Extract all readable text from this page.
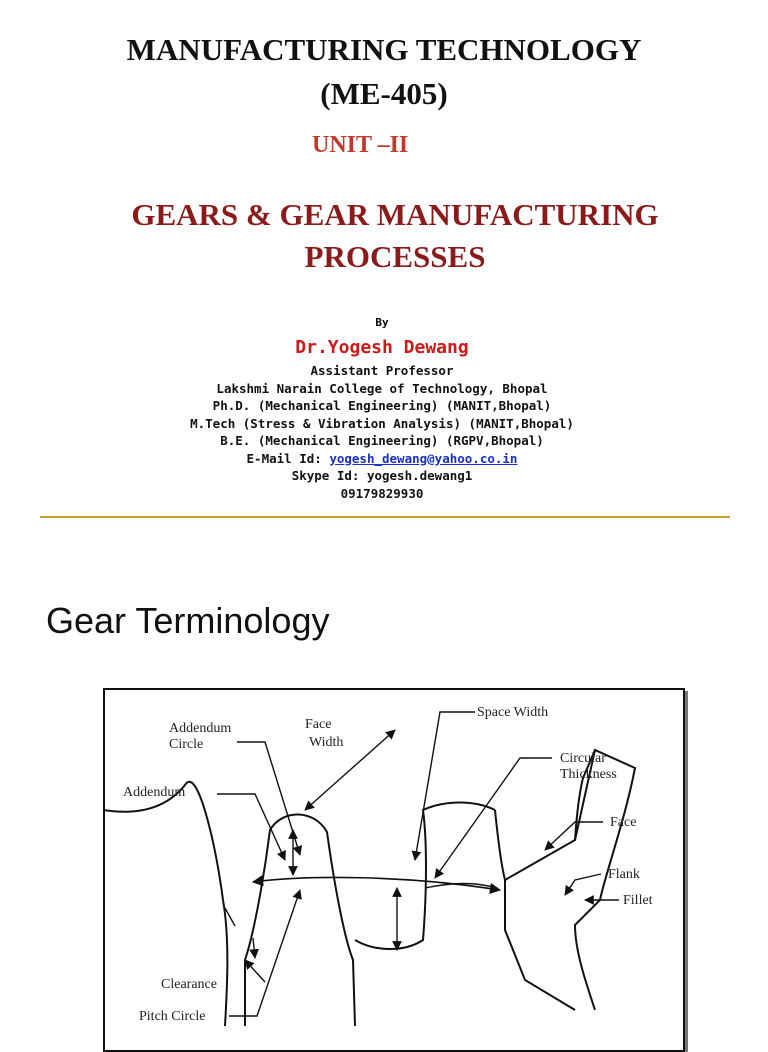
MANUFACTURING TECHNOLOGY
(ME-405)
UNIT –II
GEARS & GEAR MANUFACTURING
PROCESSES
By
Dr.Yogesh Dewang
Assistant Professor
Lakshmi Narain College of Technology, Bhopal
Ph.D. (Mechanical Engineering) (MANIT,Bhopal)
M.Tech (Stress & Vibration Analysis) (MANIT,Bhopal)
B.E. (Mechanical Engineering) (RGPV,Bhopal)
E-Mail Id: yogesh_dewang@yahoo.co.in
Skype Id: yogesh.dewang1
09179829930
Gear Terminology
Addendum
Circle
Face
Width
Space Width
Circular
Thickness
Addendum
Face
Flank
Fillet
Clearance
Pitch Circle
